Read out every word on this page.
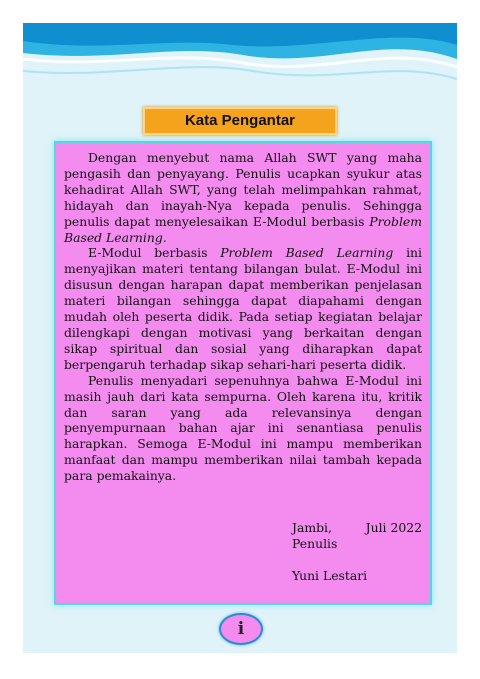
Kata Pengantar

Dengan menyebut nama Allah SWT yang maha pengasih dan penyayang. Penulis ucapkan syukur atas kehadirat Allah SWT, yang telah melimpahkan rahmat, hidayah dan inayah-Nya kepada penulis. Sehingga penulis dapat menyelesaikan E-Modul berbasis Problem Based Learning.

E-Modul berbasis Problem Based Learning ini menyajikan materi tentang bilangan bulat. E-Modul ini disusun dengan harapan dapat memberikan penjelasan materi bilangan sehingga dapat diapahami dengan mudah oleh peserta didik. Pada setiap kegiatan belajar dilengkapi dengan motivasi yang berkaitan dengan sikap spiritual dan sosial yang diharapkan dapat berpengaruh terhadap sikap sehari-hari peserta didik.

Penulis menyadari sepenuhnya bahwa E-Modul ini masih jauh dari kata sempurna. Oleh karena itu, kritik dan saran yang ada relevansinya dengan penyempurnaan bahan ajar ini senantiasa penulis harapkan. Semoga E-Modul ini mampu memberikan manfaat dan mampu memberikan nilai tambah kepada para pemakainya.

Jambi,	Juli 2022
Penulis
Yuni Lestari
i
